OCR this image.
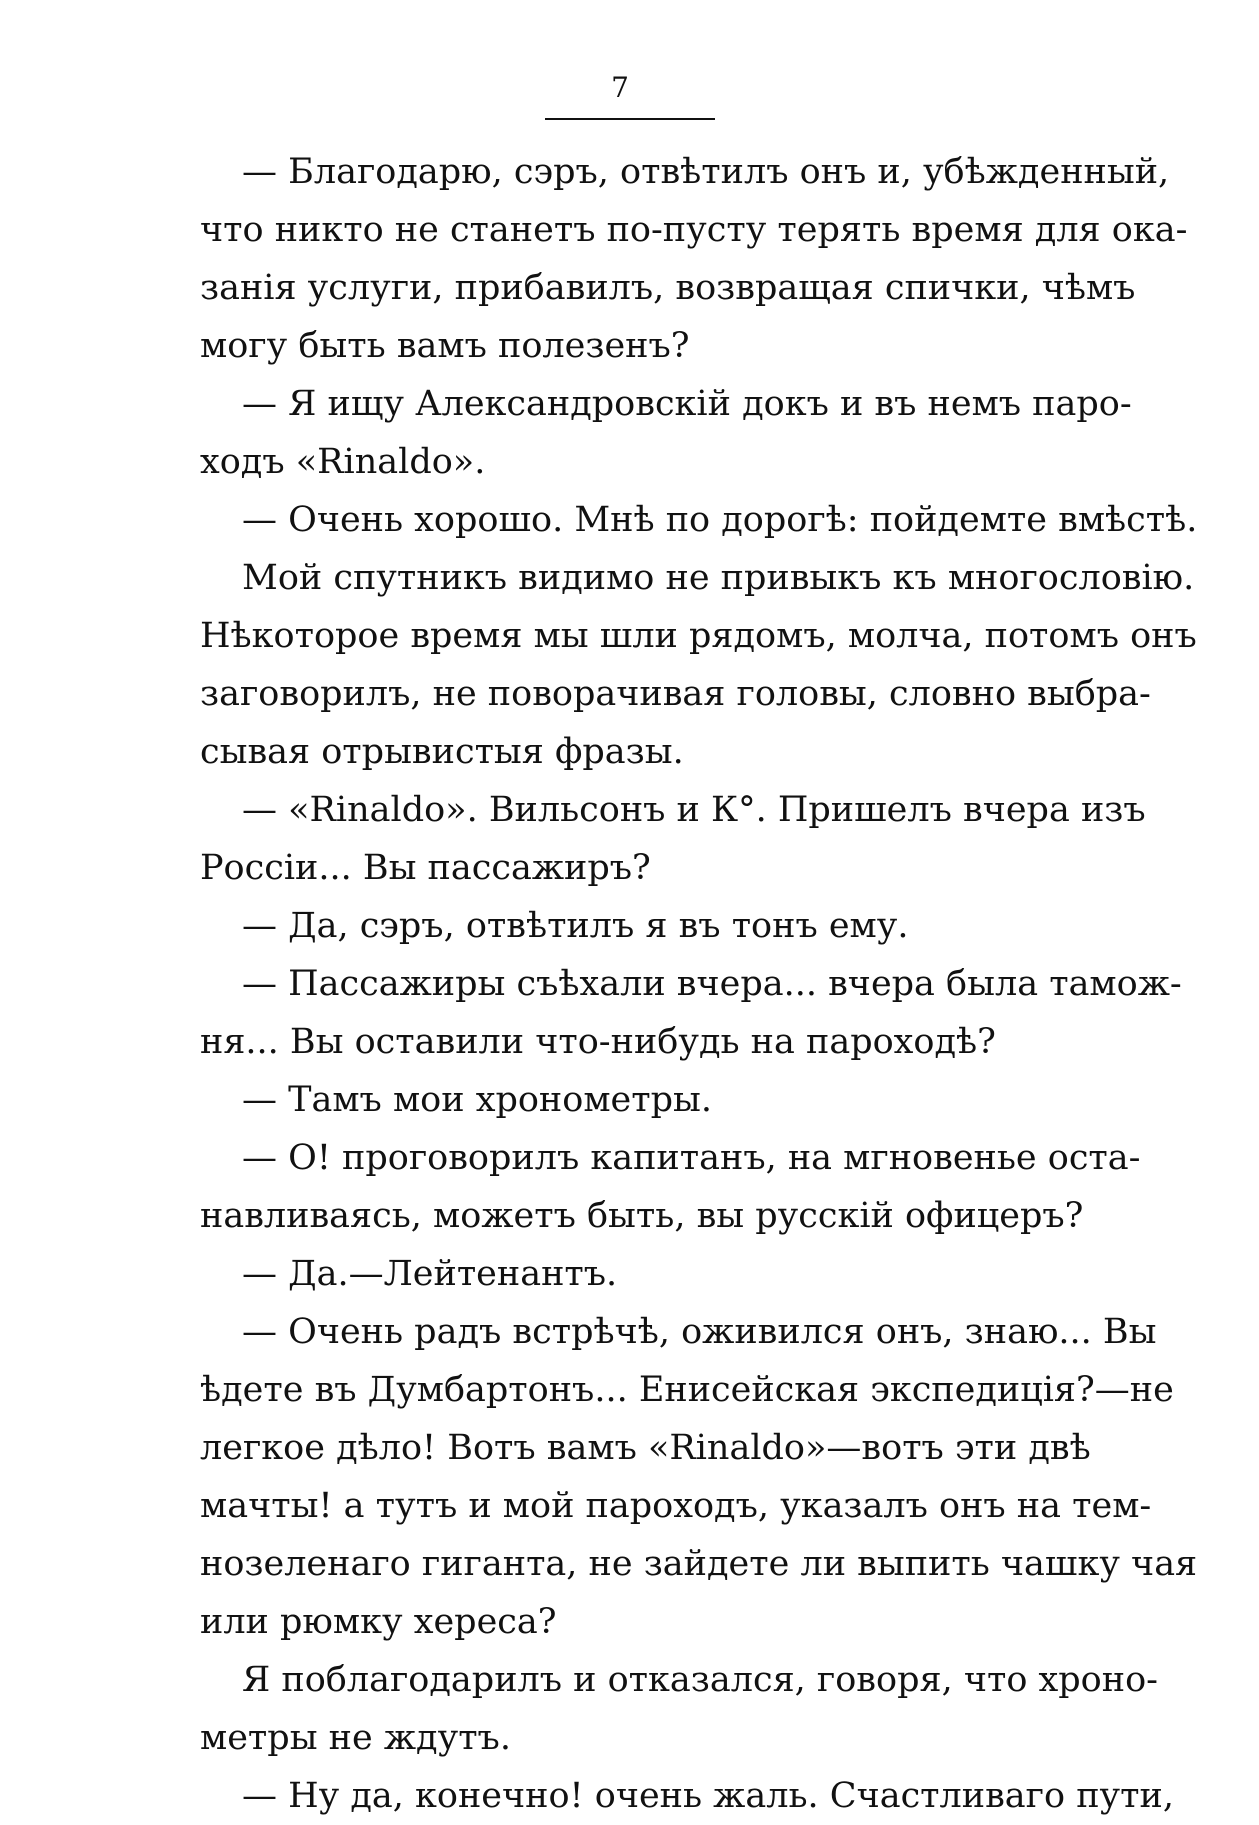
7
— Благодарю, сэръ, отвѣтилъ онъ и, убѣжденный,
что никто не станетъ по-пусту терять время для ока-
занія услуги, прибавилъ, возвращая спички, чѣмъ
могу быть вамъ полезенъ?
— Я ищу Александровскій докъ и въ немъ паро-
ходъ «Rinaldo».
— Очень хорошо. Мнѣ по дорогѣ: пойдемте вмѣстѣ.
Мой спутникъ видимо не привыкъ къ многословію.
Нѣкоторое время мы шли рядомъ, молча, потомъ онъ
заговорилъ, не поворачивая головы, словно выбра-
сывая отрывистыя фразы.
— «Rinaldo». Вильсонъ и К°. Пришелъ вчера изъ
Россіи... Вы пассажиръ?
— Да, сэръ, отвѣтилъ я въ тонъ ему.
— Пассажиры съѣхали вчера... вчера была тамож-
ня... Вы оставили что-нибудь на пароходѣ?
— Тамъ мои хронометры.
— О! проговорилъ капитанъ, на мгновенье оста-
навливаясь, можетъ быть, вы русскій офицеръ?
— Да.—Лейтенантъ.
— Очень радъ встрѣчѣ, оживился онъ, знаю... Вы
ѣдете въ Думбартонъ... Енисейская экспедиція?—не
легкое дѣло! Вотъ вамъ «Rinaldo»—вотъ эти двѣ
мачты! а тутъ и мой пароходъ, указалъ онъ на тем-
нозеленаго гиганта, не зайдете ли выпить чашку чая
или рюмку хереса?
Я поблагодарилъ и отказался, говоря, что хроно-
метры не ждутъ.
— Ну да, конечно! очень жаль. Счастливаго пути,
